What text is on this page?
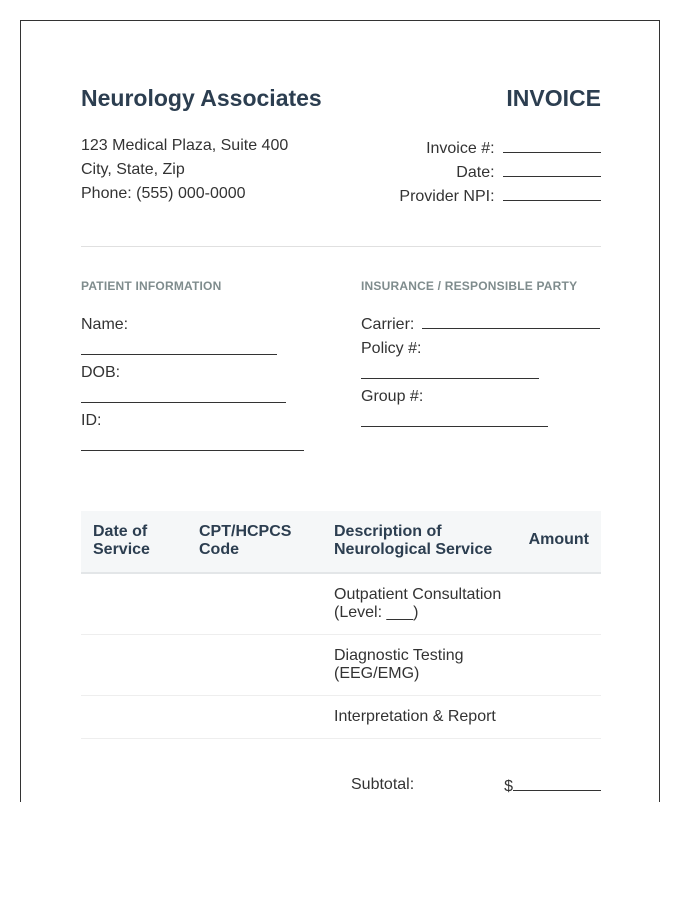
Neurology Associates	INVOICE
123 Medical Plaza, Suite 400
City, State, Zip
Phone: (555) 000-0000
Invoice #:
Date:
Provider NPI:
PATIENT INFORMATION
Name:
DOB:
ID:
INSURANCE / RESPONSIBLE PARTY
Carrier:
Policy #:
Group #:
Date of Service
CPT/HCPCS Code
Description of Neurological Service
Amount
Outpatient Consultation (Level: ___)
Diagnostic Testing (EEG/EMG)
Interpretation & Report
Subtotal:	$
